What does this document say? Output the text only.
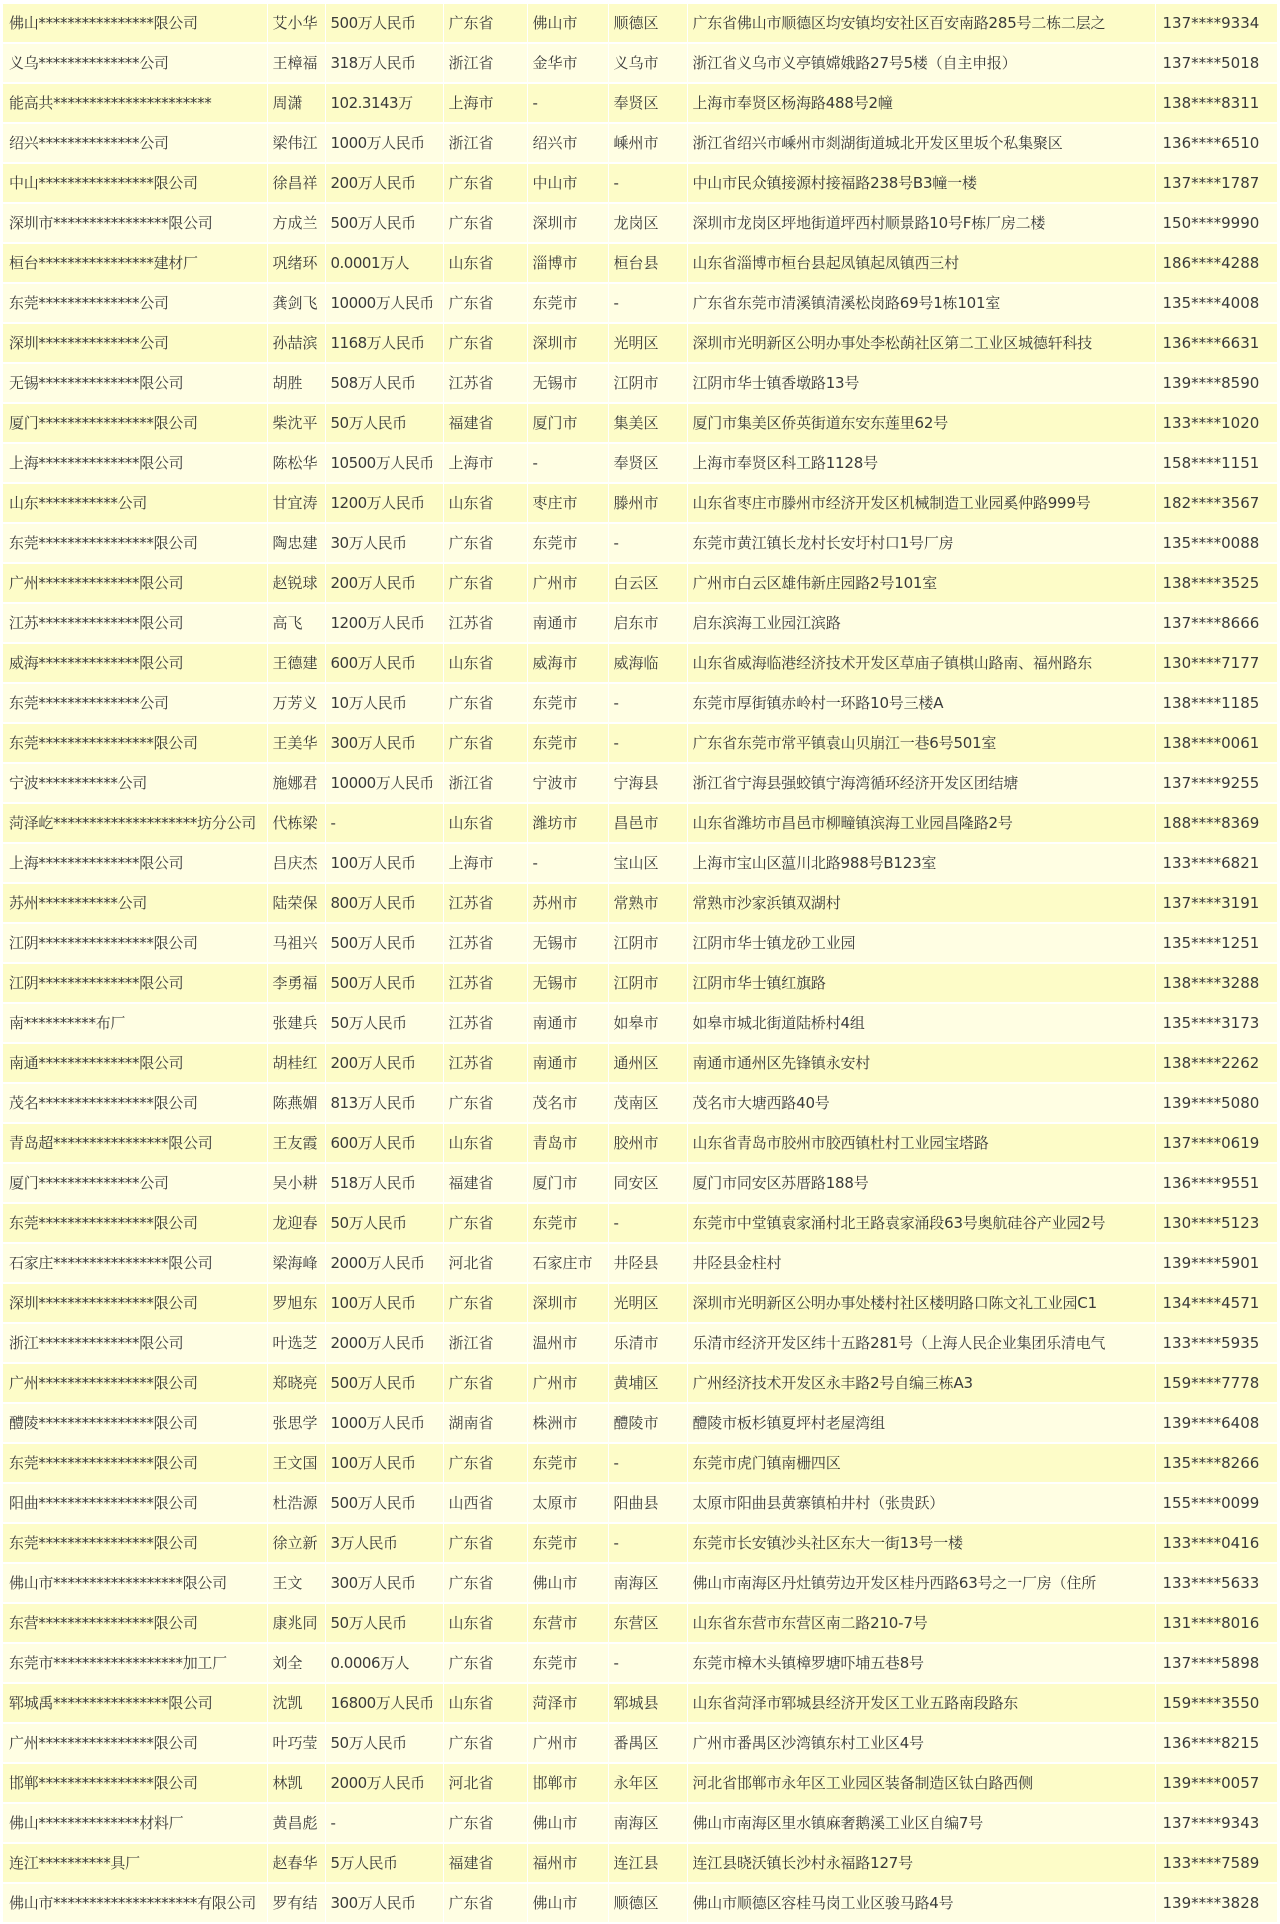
佛山****************限公司	艾小华	500万人民币	广东省	佛山市	顺德区	广东省佛山市顺德区均安镇均安社区百安南路285号二栋二层之	137****9334
义乌**************公司	王樟福	318万人民币	浙江省	金华市	义乌市	浙江省义乌市义亭镇嫦娥路27号5楼（自主申报）	137****5018
能高共**********************	周潇	102.3143万	上海市	-	奉贤区	上海市奉贤区杨海路488号2幢	138****8311
绍兴**************公司	梁伟江	1000万人民币	浙江省	绍兴市	嵊州市	浙江省绍兴市嵊州市剡湖街道城北开发区里坂个私集聚区	136****6510
中山****************限公司	徐昌祥	200万人民币	广东省	中山市	-	中山市民众镇接源村接福路238号B3幢一楼	137****1787
深圳市****************限公司	方成兰	500万人民币	广东省	深圳市	龙岗区	深圳市龙岗区坪地街道坪西村顺景路10号F栋厂房二楼	150****9990
桓台****************建材厂	巩绪环	0.0001万人	山东省	淄博市	桓台县	山东省淄博市桓台县起凤镇起凤镇西三村	186****4288
东莞**************公司	龚剑飞	10000万人民币	广东省	东莞市	-	广东省东莞市清溪镇清溪松岗路69号1栋101室	135****4008
深圳**************公司	孙喆滨	1168万人民币	广东省	深圳市	光明区	深圳市光明新区公明办事处李松蓢社区第二工业区城德轩科技	136****6631
无锡**************限公司	胡胜	508万人民币	江苏省	无锡市	江阴市	江阴市华士镇香墩路13号	139****8590
厦门****************限公司	柴沈平	50万人民币	福建省	厦门市	集美区	厦门市集美区侨英街道东安东莲里62号	133****1020
上海**************限公司	陈松华	10500万人民币	上海市	-	奉贤区	上海市奉贤区科工路1128号	158****1151
山东***********公司	甘宜涛	1200万人民币	山东省	枣庄市	滕州市	山东省枣庄市滕州市经济开发区机械制造工业园奚仲路999号	182****3567
东莞****************限公司	陶忠建	30万人民币	广东省	东莞市	-	东莞市黄江镇长龙村长安圩村口1号厂房	135****0088
广州**************限公司	赵锐球	200万人民币	广东省	广州市	白云区	广州市白云区雄伟新庄园路2号101室	138****3525
江苏**************限公司	高飞	1200万人民币	江苏省	南通市	启东市	启东滨海工业园江滨路	137****8666
威海**************限公司	王德建	600万人民币	山东省	威海市	威海临	山东省威海临港经济技术开发区草庙子镇棋山路南、福州路东	130****7177
东莞**************公司	万芳义	10万人民币	广东省	东莞市	-	东莞市厚街镇赤岭村一环路10号三楼A	138****1185
东莞****************限公司	王美华	300万人民币	广东省	东莞市	-	广东省东莞市常平镇袁山贝崩江一巷6号501室	138****0061
宁波***********公司	施娜君	10000万人民币	浙江省	宁波市	宁海县	浙江省宁海县强蛟镇宁海湾循环经济开发区团结塘	137****9255
菏泽屹********************坊分公司	代栋梁	-	山东省	潍坊市	昌邑市	山东省潍坊市昌邑市柳疃镇滨海工业园昌隆路2号	188****8369
上海**************限公司	吕庆杰	100万人民币	上海市	-	宝山区	上海市宝山区蕰川北路988号B123室	133****6821
苏州***********公司	陆荣保	800万人民币	江苏省	苏州市	常熟市	常熟市沙家浜镇双湖村	137****3191
江阴****************限公司	马祖兴	500万人民币	江苏省	无锡市	江阴市	江阴市华士镇龙砂工业园	135****1251
江阴**************限公司	李勇福	500万人民币	江苏省	无锡市	江阴市	江阴市华士镇红旗路	138****3288
南**********布厂	张建兵	50万人民币	江苏省	南通市	如皋市	如皋市城北街道陆桥村4组	135****3173
南通**************限公司	胡桂红	200万人民币	江苏省	南通市	通州区	南通市通州区先锋镇永安村	138****2262
茂名****************限公司	陈燕媚	813万人民币	广东省	茂名市	茂南区	茂名市大塘西路40号	139****5080
青岛超****************限公司	王友霞	600万人民币	山东省	青岛市	胶州市	山东省青岛市胶州市胶西镇杜村工业园宝塔路	137****0619
厦门**************公司	吴小耕	518万人民币	福建省	厦门市	同安区	厦门市同安区苏厝路188号	136****9551
东莞****************限公司	龙迎春	50万人民币	广东省	东莞市	-	东莞市中堂镇袁家涌村北王路袁家涌段63号奥航硅谷产业园2号	130****5123
石家庄****************限公司	梁海峰	2000万人民币	河北省	石家庄市	井陉县	井陉县金柱村	139****5901
深圳****************限公司	罗旭东	100万人民币	广东省	深圳市	光明区	深圳市光明新区公明办事处楼村社区楼明路口陈文礼工业园C1	134****4571
浙江**************限公司	叶选芝	2000万人民币	浙江省	温州市	乐清市	乐清市经济开发区纬十五路281号（上海人民企业集团乐清电气	133****5935
广州****************限公司	郑晓亮	500万人民币	广东省	广州市	黄埔区	广州经济技术开发区永丰路2号自编三栋A3	159****7778
醴陵****************限公司	张思学	1000万人民币	湖南省	株洲市	醴陵市	醴陵市板杉镇夏坪村老屋湾组	139****6408
东莞****************限公司	王文国	100万人民币	广东省	东莞市	-	东莞市虎门镇南栅四区	135****8266
阳曲****************限公司	杜浩源	500万人民币	山西省	太原市	阳曲县	太原市阳曲县黄寨镇柏井村（张贵跃）	155****0099
东莞****************限公司	徐立新	3万人民币	广东省	东莞市	-	东莞市长安镇沙头社区东大一街13号一楼	133****0416
佛山市******************限公司	王文	300万人民币	广东省	佛山市	南海区	佛山市南海区丹灶镇劳边开发区桂丹西路63号之一厂房（住所	133****5633
东营****************限公司	康兆同	50万人民币	山东省	东营市	东营区	山东省东营市东营区南二路210-7号	131****8016
东莞市******************加工厂	刘全	0.0006万人	广东省	东莞市	-	东莞市樟木头镇樟罗塘吓埔五巷8号	137****5898
郓城禹****************限公司	沈凯	16800万人民币	山东省	菏泽市	郓城县	山东省菏泽市郓城县经济开发区工业五路南段路东	159****3550
广州****************限公司	叶巧莹	50万人民币	广东省	广州市	番禺区	广州市番禺区沙湾镇东村工业区4号	136****8215
邯郸****************限公司	林凯	2000万人民币	河北省	邯郸市	永年区	河北省邯郸市永年区工业园区装备制造区钛白路西侧	139****0057
佛山**************材料厂	黄昌彪	-	广东省	佛山市	南海区	佛山市南海区里水镇麻奢鹅溪工业区自编7号	137****9343
连江**********具厂	赵春华	5万人民币	福建省	福州市	连江县	连江县晓沃镇长沙村永福路127号	133****7589
佛山市********************有限公司	罗有结	300万人民币	广东省	佛山市	顺德区	佛山市顺德区容桂马岗工业区骏马路4号	139****3828
